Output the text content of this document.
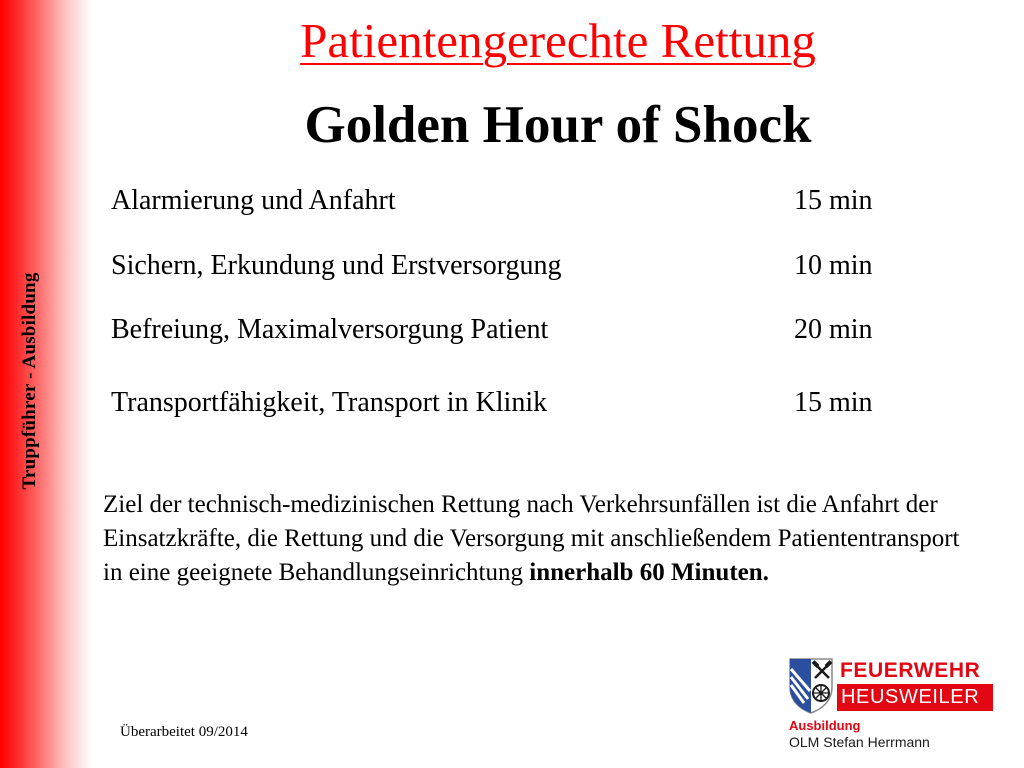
Truppführer - Ausbildung
Patientengerechte Rettung
Golden Hour of Shock
Alarmierung und Anfahrt	15 min
Sichern, Erkundung und Erstversorgung	10 min
Befreiung, Maximalversorgung Patient	20 min
Transportfähigkeit, Transport in Klinik	15 min

Ziel der technisch-medizinischen Rettung nach Verkehrsunfällen ist die Anfahrt der Einsatzkräfte, die Rettung und die Versorgung mit anschließendem Patiententransport in eine geeignete Behandlungseinrichtung innerhalb 60 Minuten.

Überarbeitet 09/2014
FEUERWEHR
HEUSWEILER
Ausbildung
OLM Stefan Herrmann
